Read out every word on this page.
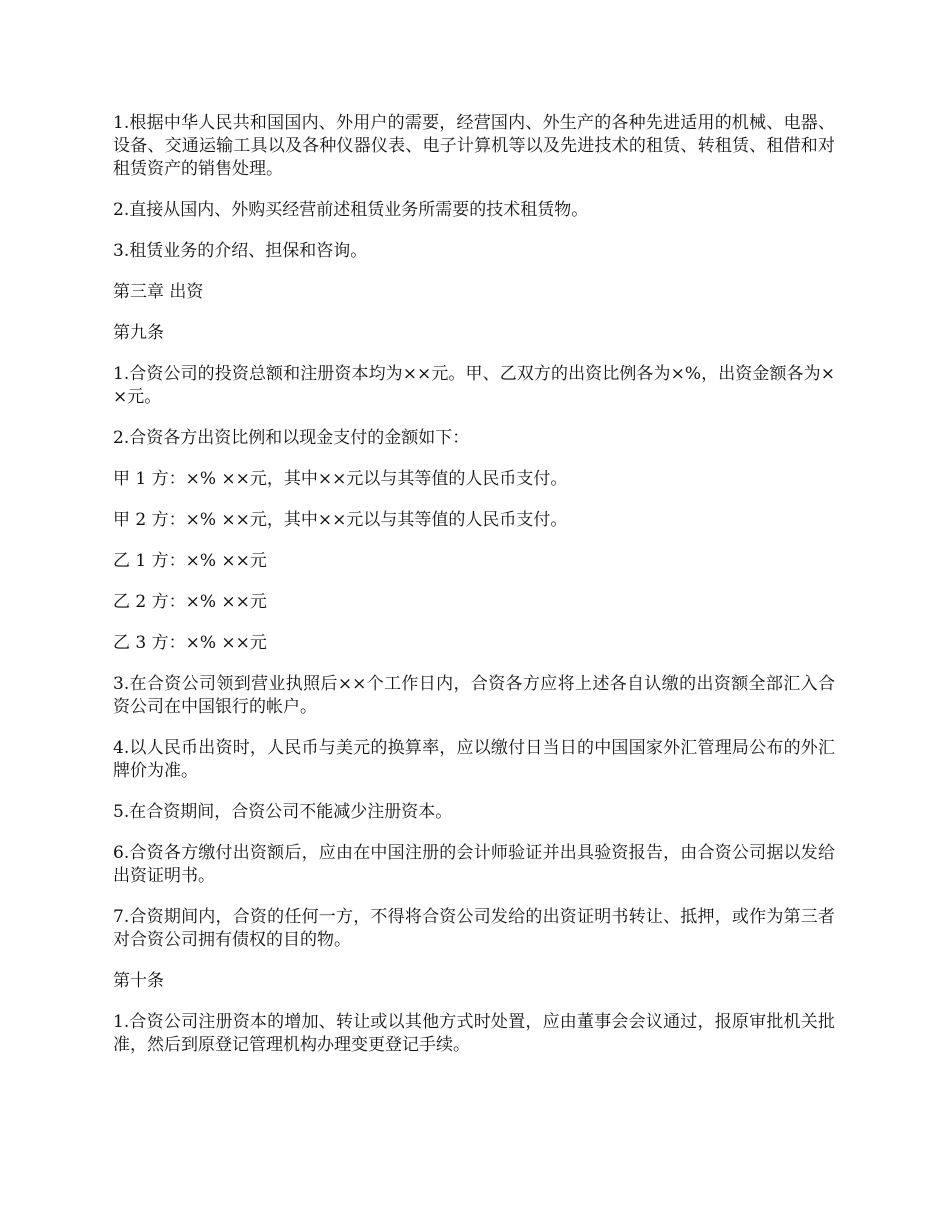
1.根据中华人民共和国国内、外用户的需要，经营国内、外生产的各种先进适用的机械、电器、设备、交通运输工具以及各种仪器仪表、电子计算机等以及先进技术的租赁、转租赁、租借和对租赁资产的销售处理。

2.直接从国内、外购买经营前述租赁业务所需要的技术租赁物。

3.租赁业务的介绍、担保和咨询。

第三章 出资

第九条

1.合资公司的投资总额和注册资本均为××元。甲、乙双方的出资比例各为×%，出资金额各为××元。

2.合资各方出资比例和以现金支付的金额如下：

甲 1 方：×% ××元，其中××元以与其等值的人民币支付。

甲 2 方：×% ××元，其中××元以与其等值的人民币支付。

乙 1 方：×% ××元

乙 2 方：×% ××元

乙 3 方：×% ××元

3.在合资公司领到营业执照后××个工作日内，合资各方应将上述各自认缴的出资额全部汇入合资公司在中国银行的帐户。

4.以人民币出资时，人民币与美元的换算率，应以缴付日当日的中国国家外汇管理局公布的外汇牌价为准。

5.在合资期间，合资公司不能减少注册资本。

6.合资各方缴付出资额后，应由在中国注册的会计师验证并出具验资报告，由合资公司据以发给出资证明书。

7.合资期间内，合资的任何一方，不得将合资公司发给的出资证明书转让、抵押，或作为第三者对合资公司拥有债权的目的物。

第十条

1.合资公司注册资本的增加、转让或以其他方式时处置，应由董事会会议通过，报原审批机关批准，然后到原登记管理机构办理变更登记手续。
